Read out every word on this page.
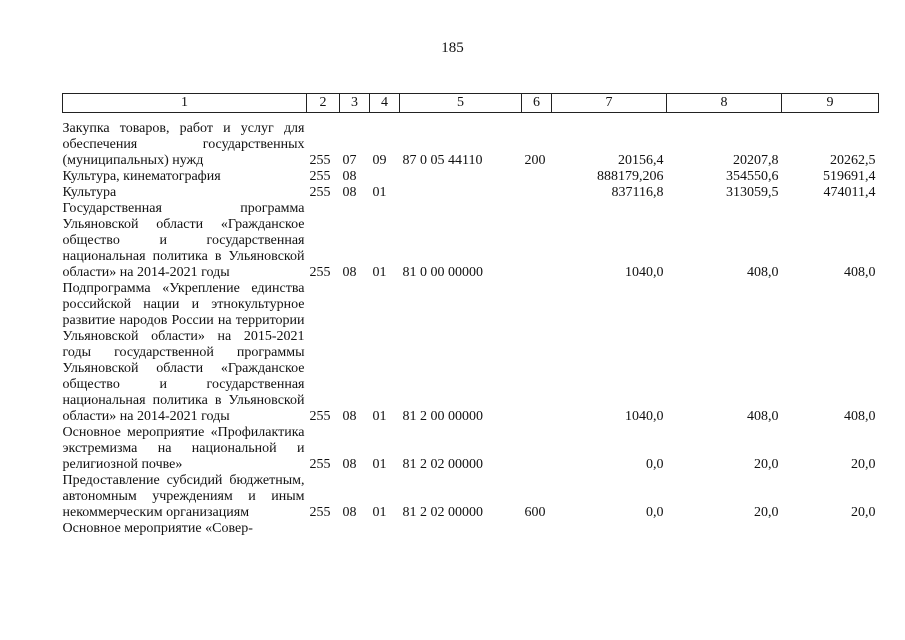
185
1	2	3	4	5	6	7	8	9

Закупка товаров, работ и услуг для обеспечения государственных (муниципальных) нужд	255	07	09	87 0 05 44110	200	20156,4	20207,8	20262,5
Культура, кинематография	255	08				888179,206	354550,6	519691,4
Культура	255	08	01			837116,8	313059,5	474011,4
Государственная программа Ульяновской области «Гражданское общество и государственная национальная политика в Ульяновской области» на 2014-2021 годы	255	08	01	81 0 00 00000		1040,0	408,0	408,0
Подпрограмма «Укрепление единства российской нации и этнокультурное развитие народов России на территории Ульяновской области» на 2015-2021 годы государственной программы Ульяновской области «Гражданское общество и государственная национальная политика в Ульяновской области» на 2014-2021 годы	255	08	01	81 2 00 00000		1040,0	408,0	408,0
Основное мероприятие «Профилактика экстремизма на национальной и религиозной почве»	255	08	01	81 2 02 00000		0,0	20,0	20,0
Предоставление субсидий бюджетным, автономным учреждениям и иным некоммерческим организациям	255	08	01	81 2 02 00000	600	0,0	20,0	20,0
Основное мероприятие «Совер-								
